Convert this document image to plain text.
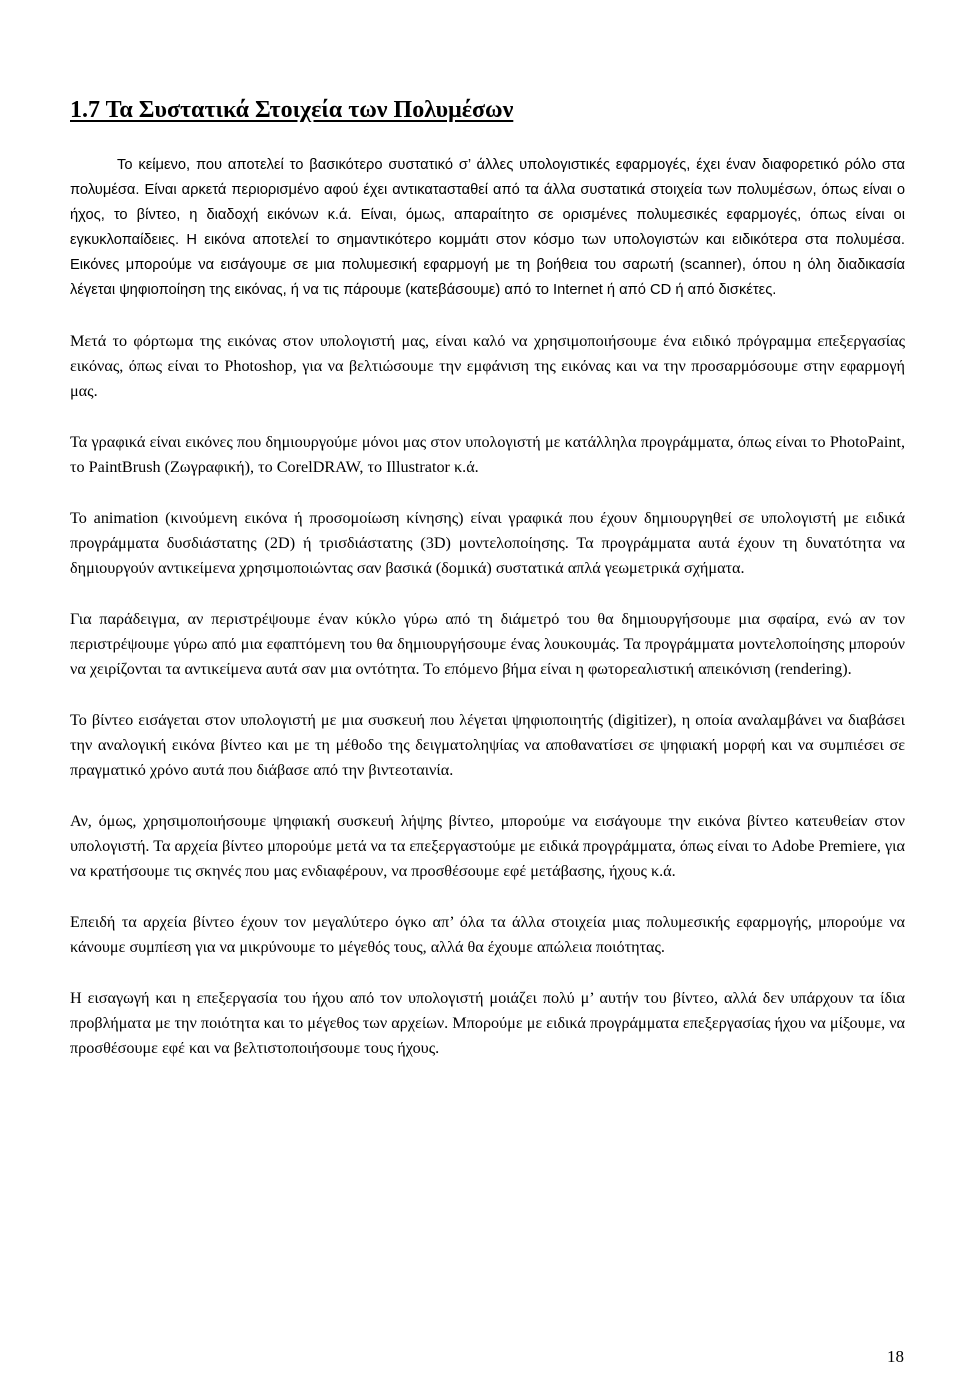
1.7 Τα Συστατικά Στοιχεία των Πολυμέσων

Το κείμενο, που αποτελεί το βασικότερο συστατικό σ’ άλλες υπολογιστικές εφαρμογές, έχει έναν διαφορετικό ρόλο στα πολυμέσα. Είναι αρκετά περιορισμένο αφού έχει αντικατασταθεί από τα άλλα συστατικά στοιχεία των πολυμέσων, όπως είναι ο ήχος, το βίντεο, η διαδοχή εικόνων κ.ά. Είναι, όμως, απαραίτητο σε ορισμένες πολυμεσικές εφαρμογές, όπως είναι οι εγκυκλοπαίδειες. Η εικόνα αποτελεί το σημαντικότερο κομμάτι στον κόσμο των υπολογιστών και ειδικότερα στα πολυμέσα. Εικόνες μπορούμε να εισάγουμε σε μια πολυμεσική εφαρμογή με τη βοήθεια του σαρωτή (scanner), όπου η όλη διαδικασία λέγεται ψηφιοποίηση της εικόνας, ή να τις πάρουμε (κατεβάσουμε) από το Internet ή από CD ή από δισκέτες.

Μετά το φόρτωμα της εικόνας στον υπολογιστή μας, είναι καλό να χρησιμοποιήσουμε ένα ειδικό πρόγραμμα επεξεργασίας εικόνας, όπως είναι το Photoshop, για να βελτιώσουμε την εμφάνιση της εικόνας και να την προσαρμόσουμε στην εφαρμογή μας.

Τα γραφικά είναι εικόνες που δημιουργούμε μόνοι μας στον υπολογιστή με κατάλληλα προγράμματα, όπως είναι το PhotoPaint, το PaintBrush (Ζωγραφική), το CorelDRAW, το Illustrator κ.ά.

Το animation (κινούμενη εικόνα ή προσομοίωση κίνησης) είναι γραφικά που έχουν δημιουργηθεί σε υπολογιστή με ειδικά προγράμματα δυσδιάστατης (2D) ή τρισδιάστατης (3D) μοντελοποίησης. Τα προγράμματα αυτά έχουν τη δυνατότητα να δημιουργούν αντικείμενα χρησιμοποιώντας σαν βασικά (δομικά) συστατικά απλά γεωμετρικά σχήματα.

Για παράδειγμα, αν περιστρέψουμε έναν κύκλο γύρω από τη διάμετρό του θα δημιουργήσουμε μια σφαίρα, ενώ αν τον περιστρέψουμε γύρω από μια εφαπτόμενη του θα δημιουργήσουμε ένας λουκουμάς. Τα προγράμματα μοντελοποίησης μπορούν να χειρίζονται τα αντικείμενα αυτά σαν μια οντότητα. Το επόμενο βήμα είναι η φωτορεαλιστική απεικόνιση (rendering).

Το βίντεο εισάγεται στον υπολογιστή με μια συσκευή που λέγεται ψηφιοποιητής (digitizer), η οποία αναλαμβάνει να διαβάσει την αναλογική εικόνα βίντεο και με τη μέθοδο της δειγματοληψίας να αποθανατίσει σε ψηφιακή μορφή και να συμπιέσει σε πραγματικό χρόνο αυτά που διάβασε από την βιντεοταινία.

Αν, όμως, χρησιμοποιήσουμε ψηφιακή συσκευή λήψης βίντεο, μπορούμε να εισάγουμε την εικόνα βίντεο κατευθείαν στον υπολογιστή. Τα αρχεία βίντεο μπορούμε μετά να τα επεξεργαστούμε με ειδικά προγράμματα, όπως είναι το Adobe Premiere, για να κρατήσουμε τις σκηνές που μας ενδιαφέρουν, να προσθέσουμε εφέ μετάβασης, ήχους κ.ά.

Επειδή τα αρχεία βίντεο έχουν τον μεγαλύτερο όγκο απ’ όλα τα άλλα στοιχεία μιας πολυμεσικής εφαρμογής, μπορούμε να κάνουμε συμπίεση για να μικρύνουμε το μέγεθός τους, αλλά θα έχουμε απώλεια ποιότητας.

Η εισαγωγή και η επεξεργασία του ήχου από τον υπολογιστή μοιάζει πολύ μ’ αυτήν του βίντεο, αλλά δεν υπάρχουν τα ίδια προβλήματα με την ποιότητα και το μέγεθος των αρχείων. Μπορούμε με ειδικά προγράμματα επεξεργασίας ήχου να μίξουμε, να προσθέσουμε εφέ και να βελτιστοποιήσουμε τους ήχους.

18
